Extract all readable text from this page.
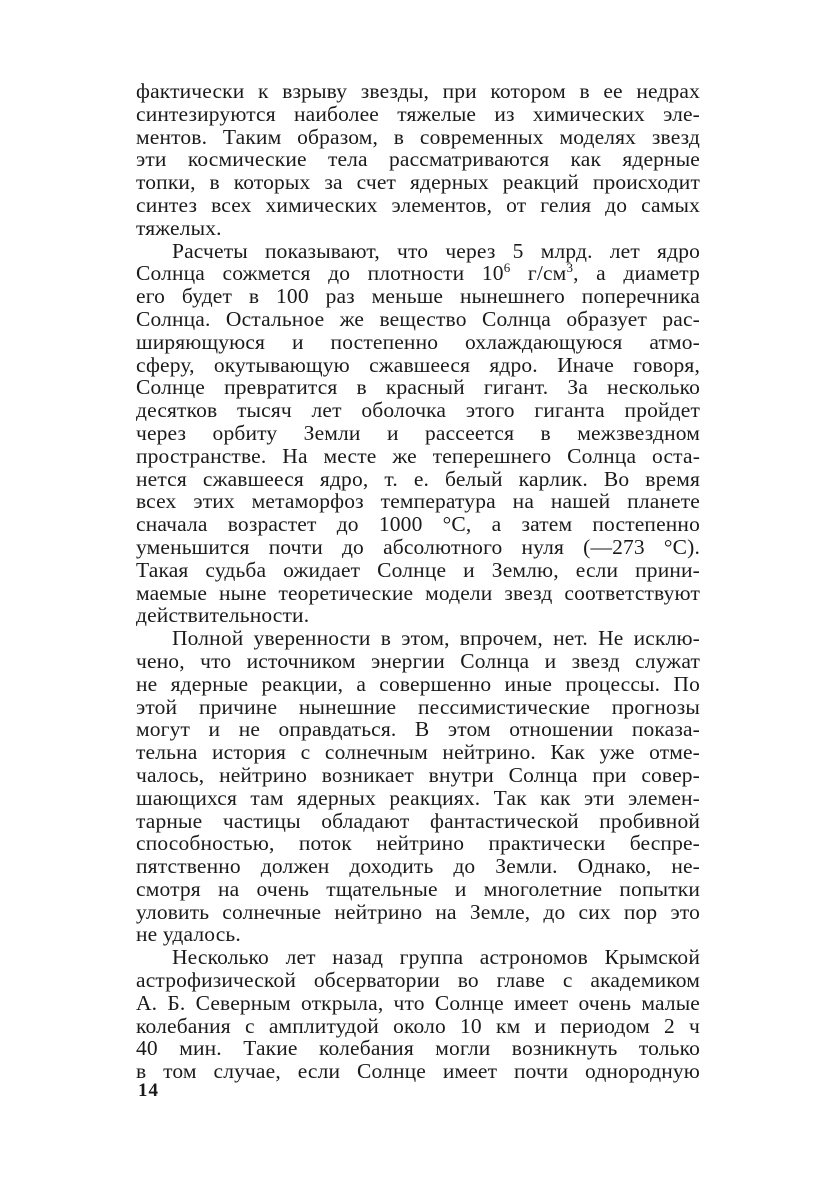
фактически к взрыву звезды, при котором в ее недрах
синтезируются наиболее тяжелые из химических эле-
ментов. Таким образом, в современных моделях звезд
эти космические тела рассматриваются как ядерные
топки, в которых за счет ядерных реакций происходит
синтез всех химических элементов, от гелия до самых
тяжелых.
Расчеты показывают, что через 5 млрд. лет ядро
Солнца сожмется до плотности $10^6$ $г/см^3$, а диаметр
его будет в 100 раз меньше нынешнего поперечника
Солнца. Остальное же вещество Солнца образует рас-
ширяющуюся и постепенно охлаждающуюся атмо-
сферу, окутывающую сжавшееся ядро. Иначе говоря,
Солнце превратится в красный гигант. За несколько
десятков тысяч лет оболочка этого гиганта пройдет
через орбиту Земли и рассеется в межзвездном
пространстве. На месте же теперешнего Солнца оста-
нется сжавшееся ядро, т. е. белый карлик. Во время
всех этих метаморфоз температура на нашей планете
сначала возрастет до 1000 °С, а затем постепенно
уменьшится почти до абсолютного нуля (—273 °С).
Такая судьба ожидает Солнце и Землю, если прини-
маемые ныне теоретические модели звезд соответствуют
действительности.
Полной уверенности в этом, впрочем, нет. Не исклю-
чено, что источником энергии Солнца и звезд служат
не ядерные реакции, а совершенно иные процессы. По
этой причине нынешние пессимистические прогнозы
могут и не оправдаться. В этом отношении показа-
тельна история с солнечным нейтрино. Как уже отме-
чалось, нейтрино возникает внутри Солнца при совер-
шающихся там ядерных реакциях. Так как эти элемен-
тарные частицы обладают фантастической пробивной
способностью, поток нейтрино практически беспре-
пятственно должен доходить до Земли. Однако, не-
смотря на очень тщательные и многолетние попытки
уловить солнечные нейтрино на Земле, до сих пор это
не удалось.
Несколько лет назад группа астрономов Крымской
астрофизической обсерватории во главе с академиком
А. Б. Северным открыла, что Солнце имеет очень малые
колебания с амплитудой около 10 км и периодом 2 ч
40 мин. Такие колебания могли возникнуть только
в том случае, если Солнце имеет почти однородную
14
